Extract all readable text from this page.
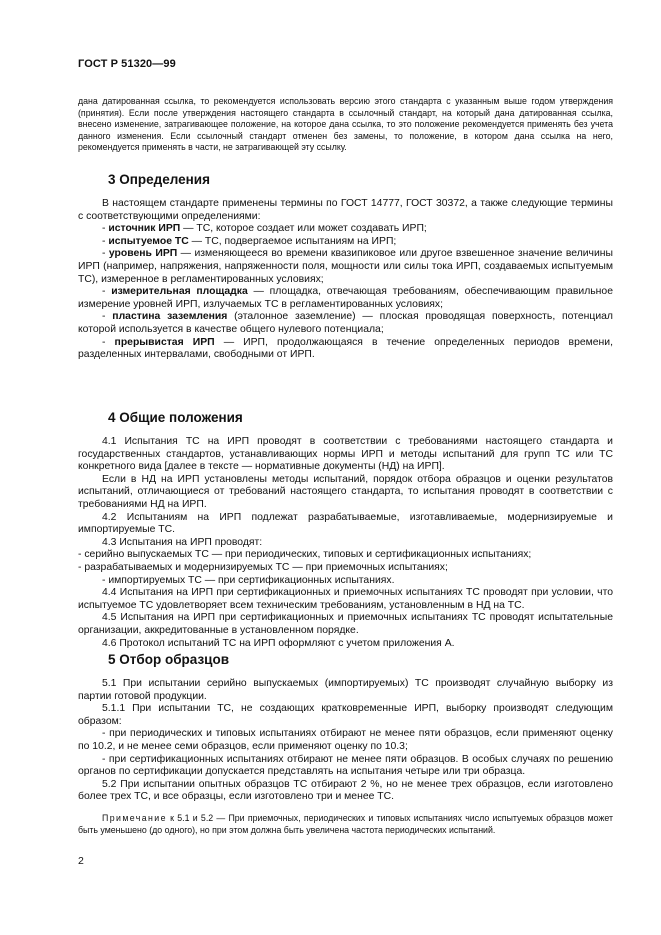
ГОСТ Р 51320—99

дана датированная ссылка, то рекомендуется использовать версию этого стандарта с указанным выше годом утверждения (принятия). Если после утверждения настоящего стандарта в ссылочный стандарт, на который дана датированная ссылка, внесено изменение, затрагивающее положение, на которое дана ссылка, то это положение рекомендуется применять без учета данного изменения. Если ссылочный стандарт отменен без замены, то положение, в котором дана ссылка на него, рекомендуется применять в части, не затрагивающей эту ссылку.

3 Определения

В настоящем стандарте применены термины по ГОСТ 14777, ГОСТ 30372, а также следующие термины с соответствующими определениями:

- источник ИРП — ТС, которое создает или может создавать ИРП;

- испытуемое ТС — ТС, подвергаемое испытаниям на ИРП;

- уровень ИРП — изменяющееся во времени квазипиковое или другое взвешенное значение величины ИРП (например, напряжения, напряженности поля, мощности или силы тока ИРП, создаваемых испытуемым ТС), измеренное в регламентированных условиях;

- измерительная площадка — площадка, отвечающая требованиям, обеспечивающим правильное измерение уровней ИРП, излучаемых ТС в регламентированных условиях;

- пластина заземления (эталонное заземление) — плоская проводящая поверхность, потенциал которой используется в качестве общего нулевого потенциала;

- прерывистая ИРП — ИРП, продолжающаяся в течение определенных периодов времени, разделенных интервалами, свободными от ИРП.

4 Общие положения

4.1 Испытания ТС на ИРП проводят в соответствии с требованиями настоящего стандарта и государственных стандартов, устанавливающих нормы ИРП и методы испытаний для групп ТС или ТС конкретного вида [далее в тексте — нормативные документы (НД) на ИРП].

Если в НД на ИРП установлены методы испытаний, порядок отбора образцов и оценки результатов испытаний, отличающиеся от требований настоящего стандарта, то испытания проводят в соответствии с требованиями НД на ИРП.

4.2 Испытаниям на ИРП подлежат разрабатываемые, изготавливаемые, модернизируемые и импортируемые ТС.

4.3 Испытания на ИРП проводят:

- серийно выпускаемых ТС — при периодических, типовых и сертификационных испытаниях;

- разрабатываемых и модернизируемых ТС — при приемочных испытаниях;

- импортируемых ТС — при сертификационных испытаниях.

4.4 Испытания на ИРП при сертификационных и приемочных испытаниях ТС проводят при условии, что испытуемое ТС удовлетворяет всем техническим требованиям, установленным в НД на ТС.

4.5 Испытания на ИРП при сертификационных и приемочных испытаниях ТС проводят испытательные организации, аккредитованные в установленном порядке.

4.6 Протокол испытаний ТС на ИРП оформляют с учетом приложения А.

5 Отбор образцов

5.1 При испытании серийно выпускаемых (импортируемых) ТС производят случайную выборку из партии готовой продукции.

5.1.1 При испытании ТС, не создающих кратковременные ИРП, выборку производят следующим образом:

- при периодических и типовых испытаниях отбирают не менее пяти образцов, если применяют оценку по 10.2, и не менее семи образцов, если применяют оценку по 10.3;

- при сертификационных испытаниях отбирают не менее пяти образцов. В особых случаях по решению органов по сертификации допускается представлять на испытания четыре или три образца.

5.2 При испытании опытных образцов ТС отбирают 2 %, но не менее трех образцов, если изготовлено более трех ТС, и все образцы, если изготовлено три и менее ТС.

Примечание к 5.1 и 5.2 — При приемочных, периодических и типовых испытаниях число испытуемых образцов может быть уменьшено (до одного), но при этом должна быть увеличена частота периодических испытаний.

2
